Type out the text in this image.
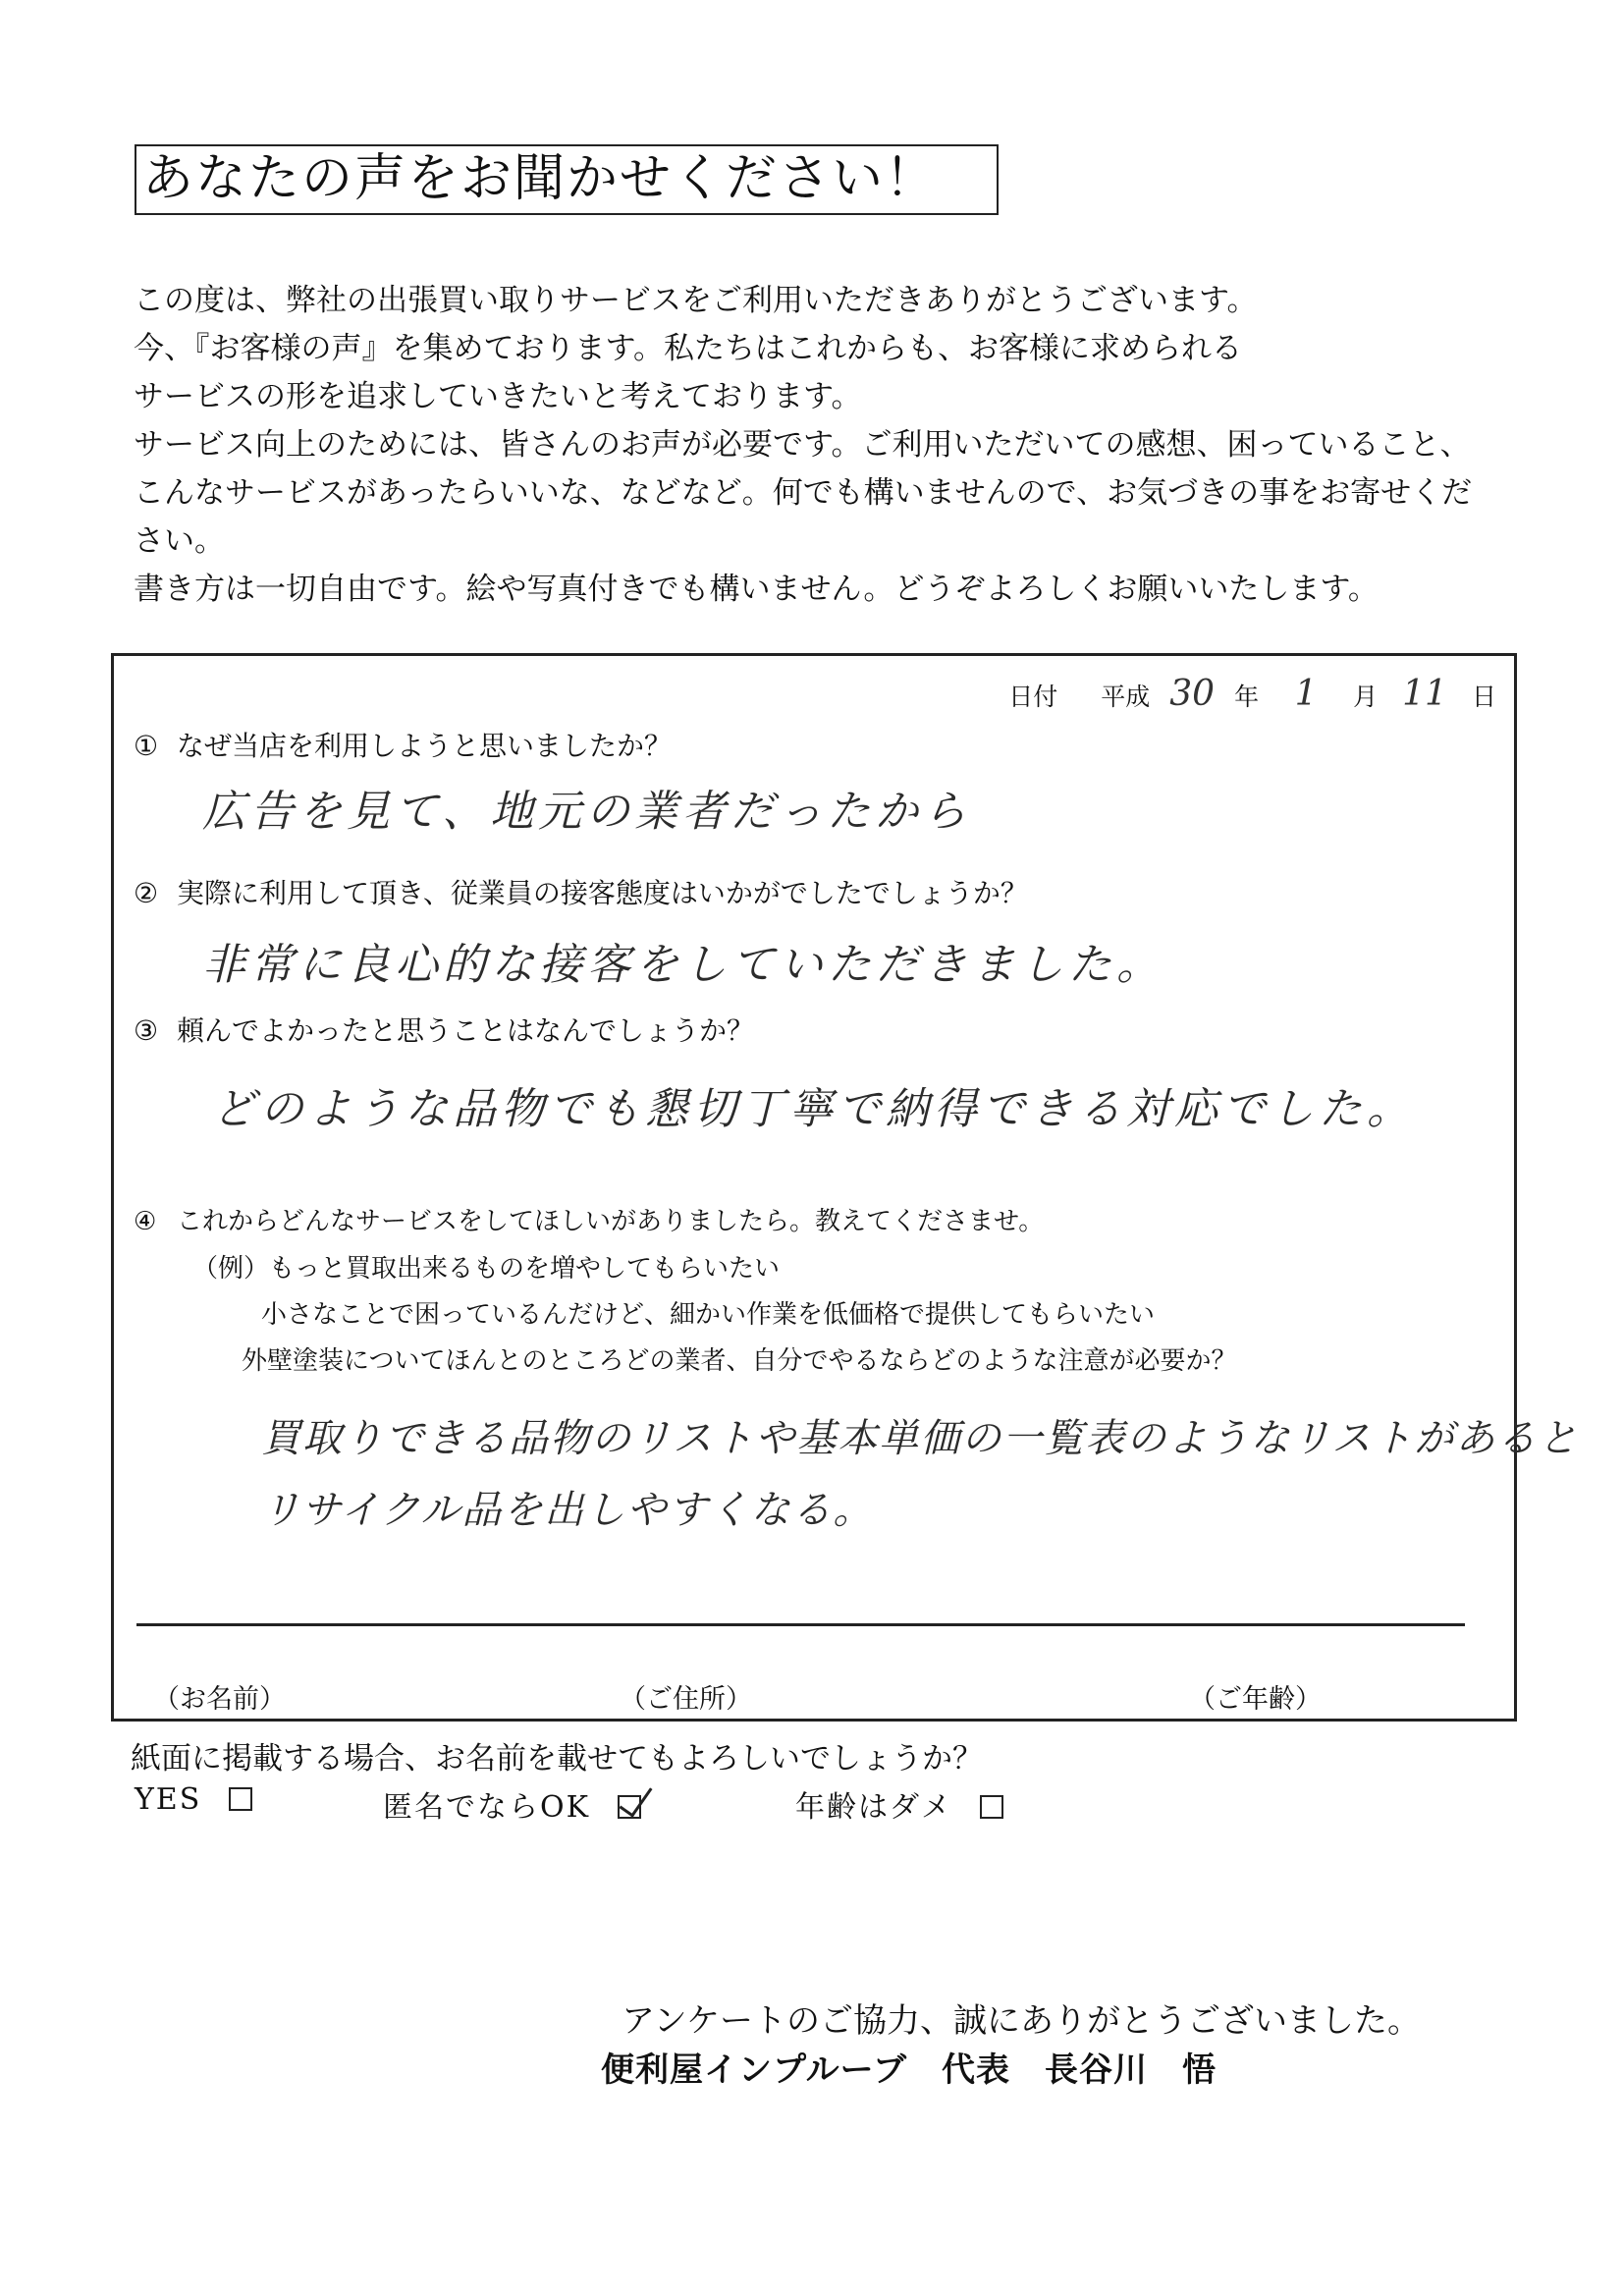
あなたの声をお聞かせください！
この度は、弊社の出張買い取りサービスをご利用いただきありがとうございます。
今、『お客様の声』を集めております。私たちはこれからも、お客様に求められる
サービスの形を追求していきたいと考えております。
サービス向上のためには、皆さんのお声が必要です。ご利用いただいての感想、困っていること、
こんなサービスがあったらいいな、などなど。何でも構いませんので、お気づきの事をお寄せくだ
さい。
書き方は一切自由です。絵や写真付きでも構いません。どうぞよろしくお願いいたします。
日付 平成 30 年 1 月 11 日
① なぜ当店を利用しようと思いましたか？
広告を見て、地元の業者だったから
② 実際に利用して頂き、従業員の接客態度はいかがでしたでしょうか？
非常に良心的な接客をしていただきました。
③ 頼んでよかったと思うことはなんでしょうか？
どのような品物でも懇切丁寧で納得できる対応でした。
④ これからどんなサービスをしてほしいがありましたら。教えてくださませ。
（例）もっと買取出来るものを増やしてもらいたい
小さなことで困っているんだけど、細かい作業を低価格で提供してもらいたい
外壁塗装についてほんとのところどの業者、自分でやるならどのような注意が必要か？
買取りできる品物のリストや基本単価の一覧表のようなリストがあると
リサイクル品を出しやすくなる。
（お名前）	（ご住所）	（ご年齢）
紙面に掲載する場合、お名前を載せてもよろしいでしょうか？
YES	匿名でならOK	年齢はダメ
アンケートのご協力、誠にありがとうございました。
便利屋インプルーブ　代表　長谷川　悟
